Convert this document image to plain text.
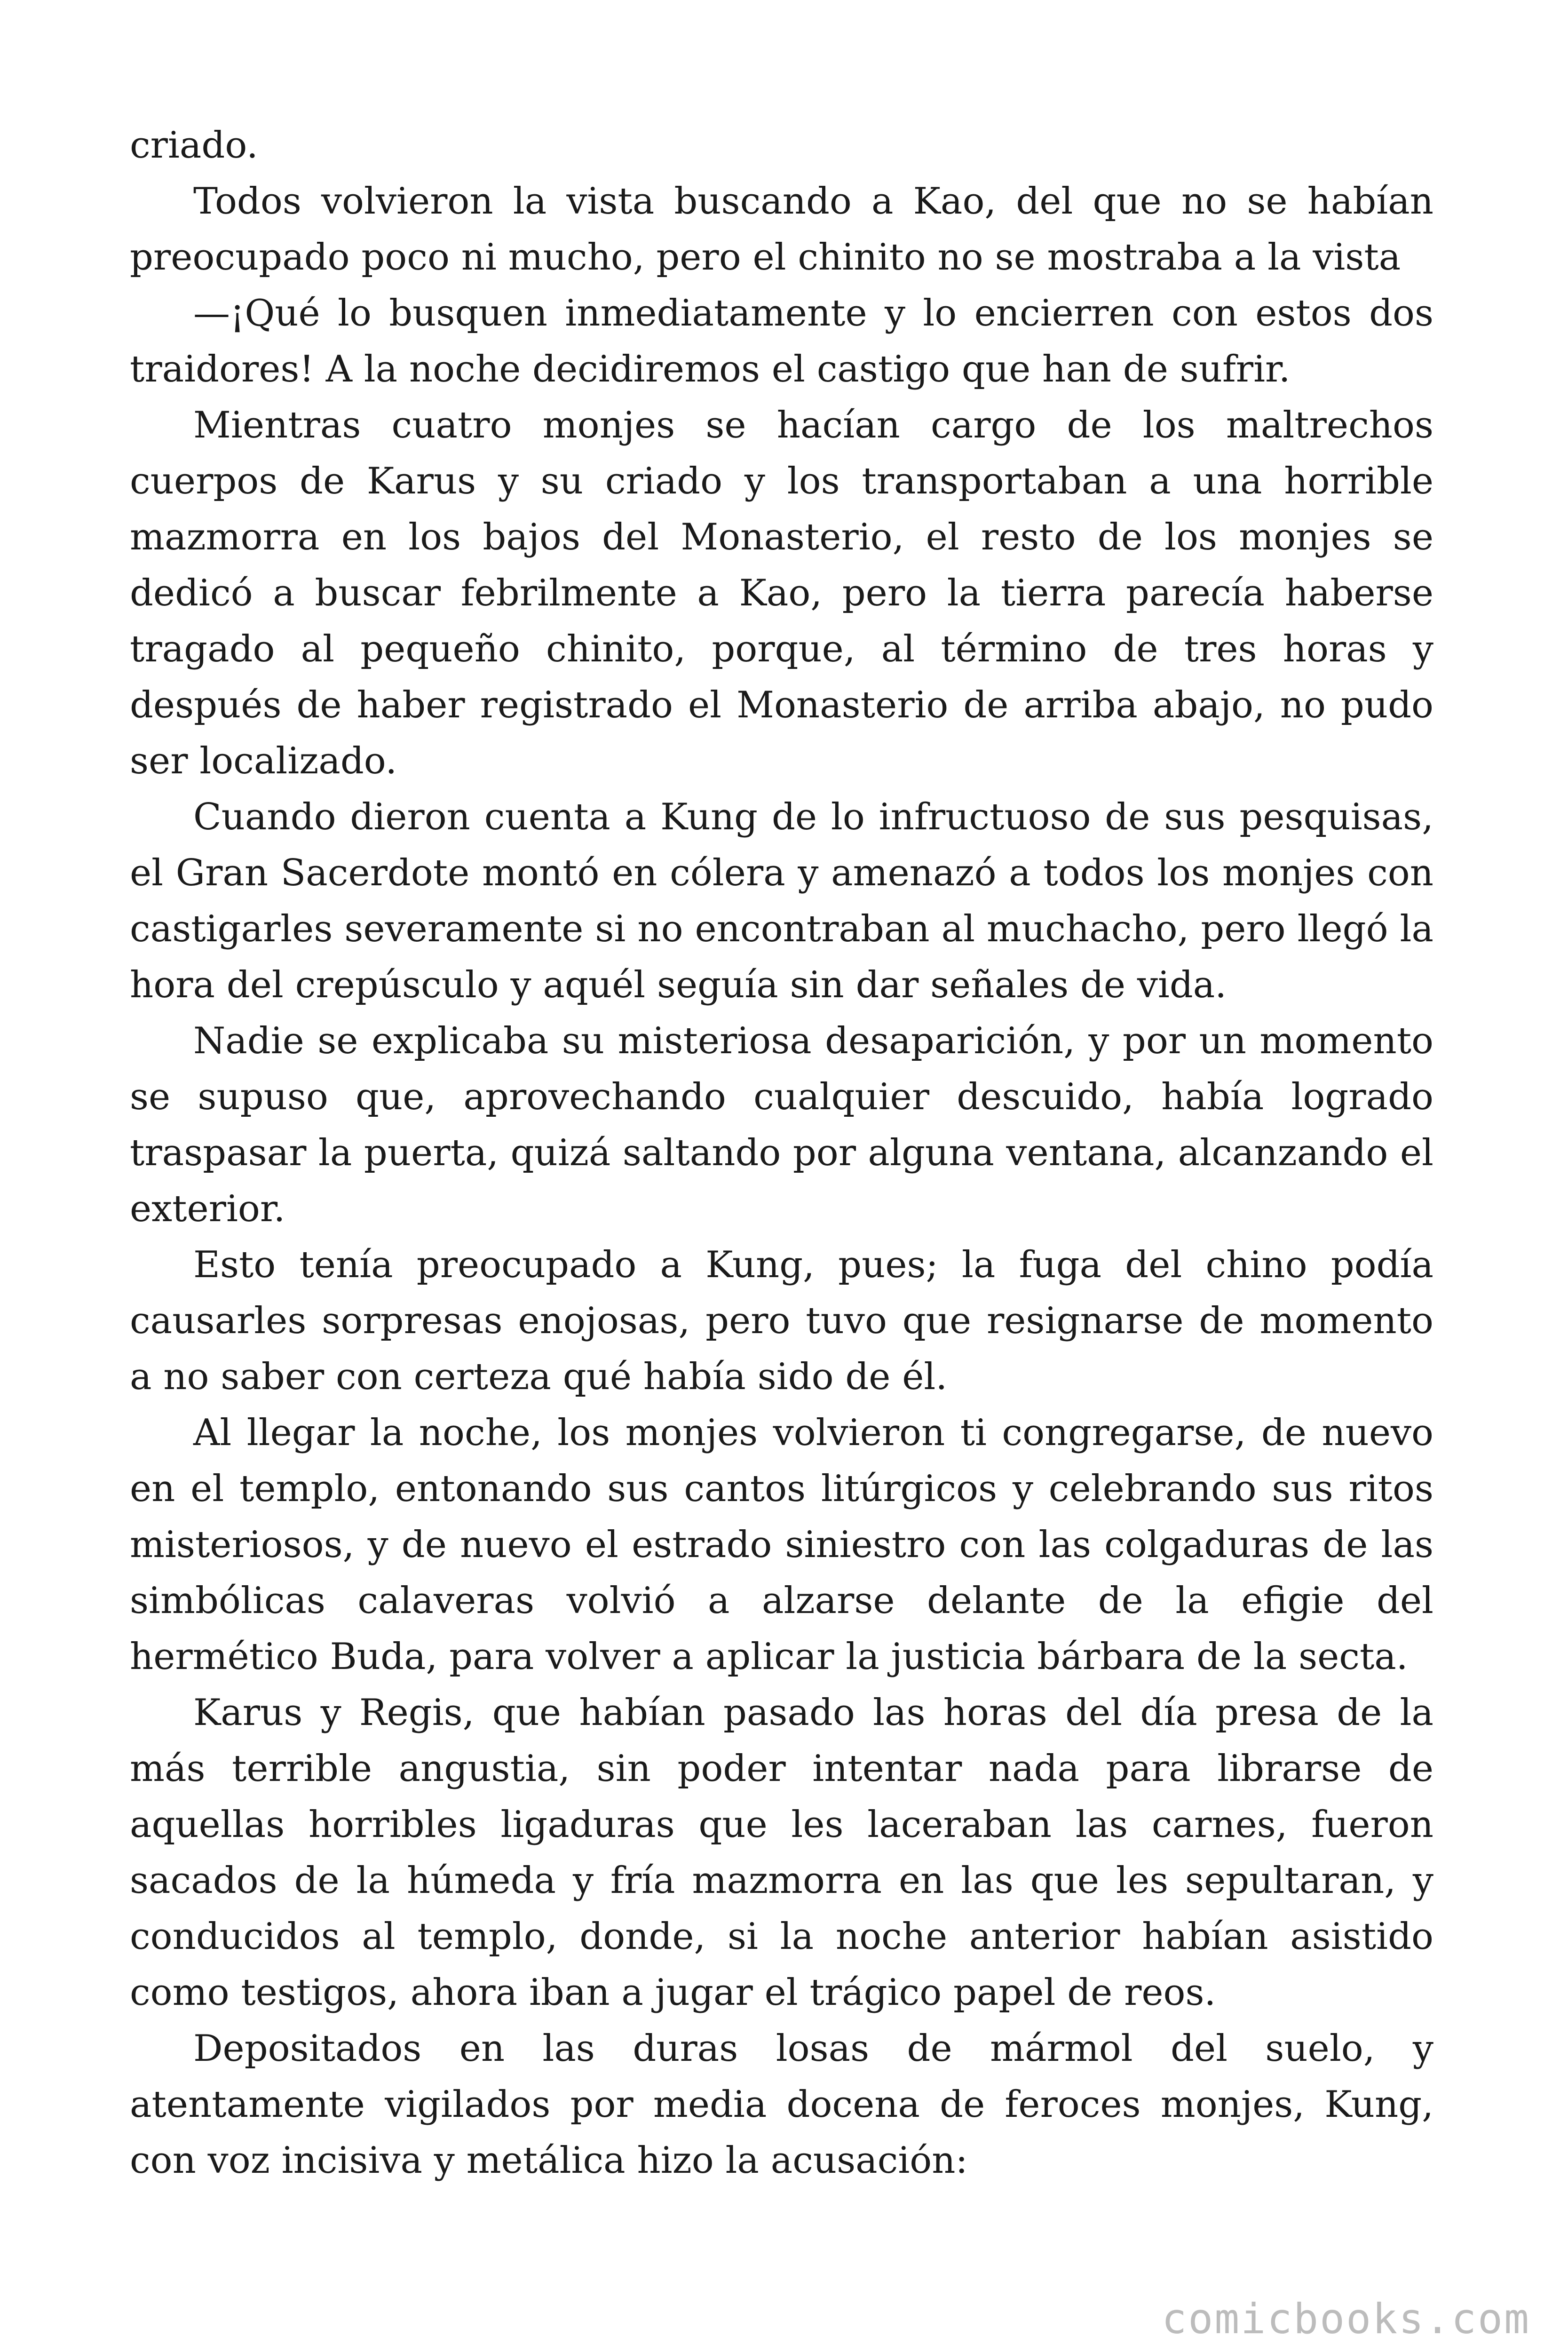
criado.

Todos volvieron la vista buscando a Kao, del que no se habían preocupado poco ni mucho, pero el chinito no se mostraba a la vista

—¡Qué lo busquen inmediatamente y lo encierren con estos dos traidores! A la noche decidiremos el castigo que han de sufrir.

Mientras cuatro monjes se hacían cargo de los maltrechos cuerpos de Karus y su criado y los transportaban a una horrible mazmorra en los bajos del Monasterio, el resto de los monjes se dedicó a buscar febrilmente a Kao, pero la tierra parecía haberse tragado al pequeño chinito, porque, al término de tres horas y después de haber registrado el Monasterio de arriba abajo, no pudo ser localizado.

Cuando dieron cuenta a Kung de lo infructuoso de sus pesquisas, el Gran Sacerdote montó en cólera y amenazó a todos los monjes con castigarles severamente si no encontraban al muchacho, pero llegó la hora del crepúsculo y aquél seguía sin dar señales de vida.

Nadie se explicaba su misteriosa desaparición, y por un momento se supuso que, aprovechando cualquier descuido, había logrado traspasar la puerta, quizá saltando por alguna ventana, alcanzando el exterior.

Esto tenía preocupado a Kung, pues; la fuga del chino podía causarles sorpresas enojosas, pero tuvo que resignarse de momento a no saber con certeza qué había sido de él.

Al llegar la noche, los monjes volvieron ti congregarse, de nuevo en el templo, entonando sus cantos litúrgicos y celebrando sus ritos misteriosos, y de nuevo el estrado siniestro con las colgaduras de las simbólicas calaveras volvió a alzarse delante de la efigie del hermético Buda, para volver a aplicar la justicia bárbara de la secta.

Karus y Regis, que habían pasado las horas del día presa de la más terrible angustia, sin poder intentar nada para librarse de aquellas horribles ligaduras que les laceraban las carnes, fueron sacados de la húmeda y fría mazmorra en las que les sepultaran, y conducidos al templo, donde, si la noche anterior habían asistido como testigos, ahora iban a jugar el trágico papel de reos.

Depositados en las duras losas de mármol del suelo, y atentamente vigilados por media docena de feroces monjes, Kung, con voz incisiva y metálica hizo la acusación:

comicbooks.com
